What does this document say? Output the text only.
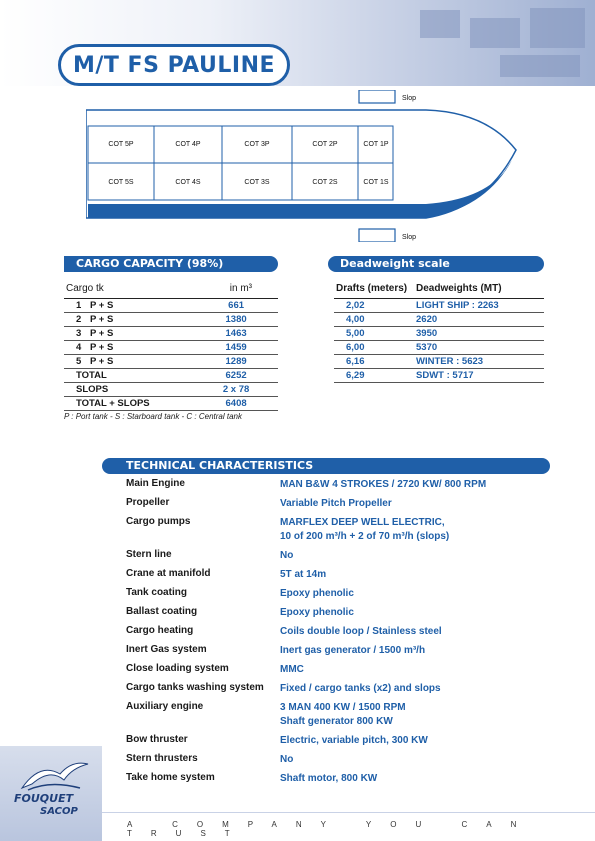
M/T FS PAULINE
Slop
COT 5P	COT 4P	COT 3P	COT 2P	COT 1P
COT 5S	COT 4S	COT 3S	COT 2S	COT 1S
Slop
CARGO CAPACITY (98%)
Cargo tk		in m³
1	P + S	661
2	P + S	1380
3	P + S	1463
4	P + S	1459
5	P + S	1289
TOTAL		6252
SLOPS		2 x 78
TOTAL + SLOPS		6408
P : Port tank - S : Starboard tank - C : Central tank
Deadweight scale
Drafts (meters)	Deadweights (MT)
2,02	LIGHT SHIP : 2263
4,00	2620
5,00	3950
6,00	5370
6,16	WINTER : 5623
6,29	SDWT : 5717
TECHNICAL CHARACTERISTICS
Main Engine	MAN B&W 4 STROKES / 2720 KW/ 800 RPM
Propeller	Variable Pitch Propeller
Cargo pumps	MARFLEX DEEP WELL ELECTRIC,
10 of 200 m³/h + 2 of 70 m³/h (slops)
Stern line	No
Crane at manifold	5T at 14m
Tank coating	Epoxy phenolic
Ballast coating	Epoxy phenolic
Cargo heating	Coils double loop / Stainless steel
Inert Gas system	Inert gas generator / 1500 m³/h
Close loading system	MMC
Cargo tanks washing system	Fixed / cargo tanks (x2) and slops
Auxiliary engine	3 MAN 400 KW / 1500 RPM
Shaft generator 800 KW
Bow thruster	Electric, variable pitch, 300 KW
Stern thrusters	No
Take home system	Shaft motor, 800 KW
FOUQUET
SACOP
A COMPANY YOU CAN TRUST
